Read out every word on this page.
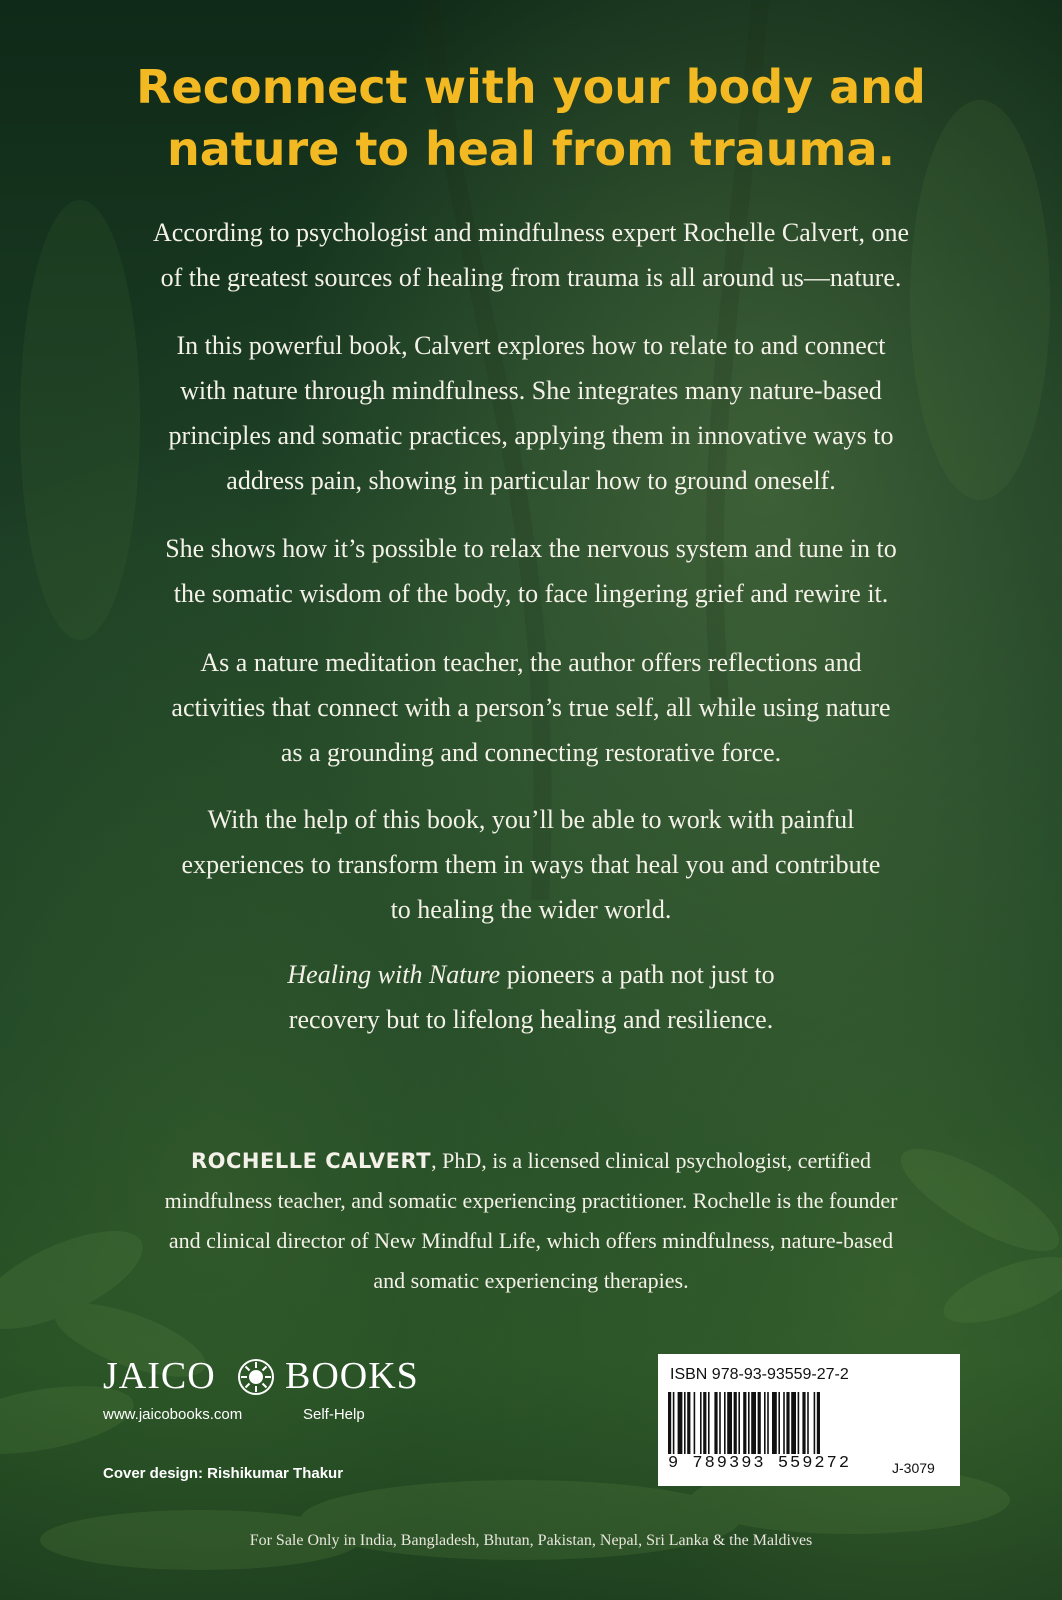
Reconnect with your body and
nature to heal from trauma.

According to psychologist and mindfulness expert Rochelle Calvert, one
of the greatest sources of healing from trauma is all around us—nature.

In this powerful book, Calvert explores how to relate to and connect
with nature through mindfulness. She integrates many nature-based
principles and somatic practices, applying them in innovative ways to
address pain, showing in particular how to ground oneself.

She shows how it’s possible to relax the nervous system and tune in to
the somatic wisdom of the body, to face lingering grief and rewire it.

As a nature meditation teacher, the author offers reflections and
activities that connect with a person’s true self, all while using nature
as a grounding and connecting restorative force.

With the help of this book, you’ll be able to work with painful
experiences to transform them in ways that heal you and contribute
to healing the wider world.

Healing with Nature pioneers a path not just to
recovery but to lifelong healing and resilience.

ROCHELLE CALVERT, PhD, is a licensed clinical psychologist, certified
mindfulness teacher, and somatic experiencing practitioner. Rochelle is the founder
and clinical director of New Mindful Life, which offers mindfulness, nature-based
and somatic experiencing therapies.

JAICO BOOKS
www.jaicobooks.com	Self-Help
Cover design: Rishikumar Thakur
ISBN 978-93-93559-27-2
9 789393 559272	J-3079
For Sale Only in India, Bangladesh, Bhutan, Pakistan, Nepal, Sri Lanka & the Maldives
